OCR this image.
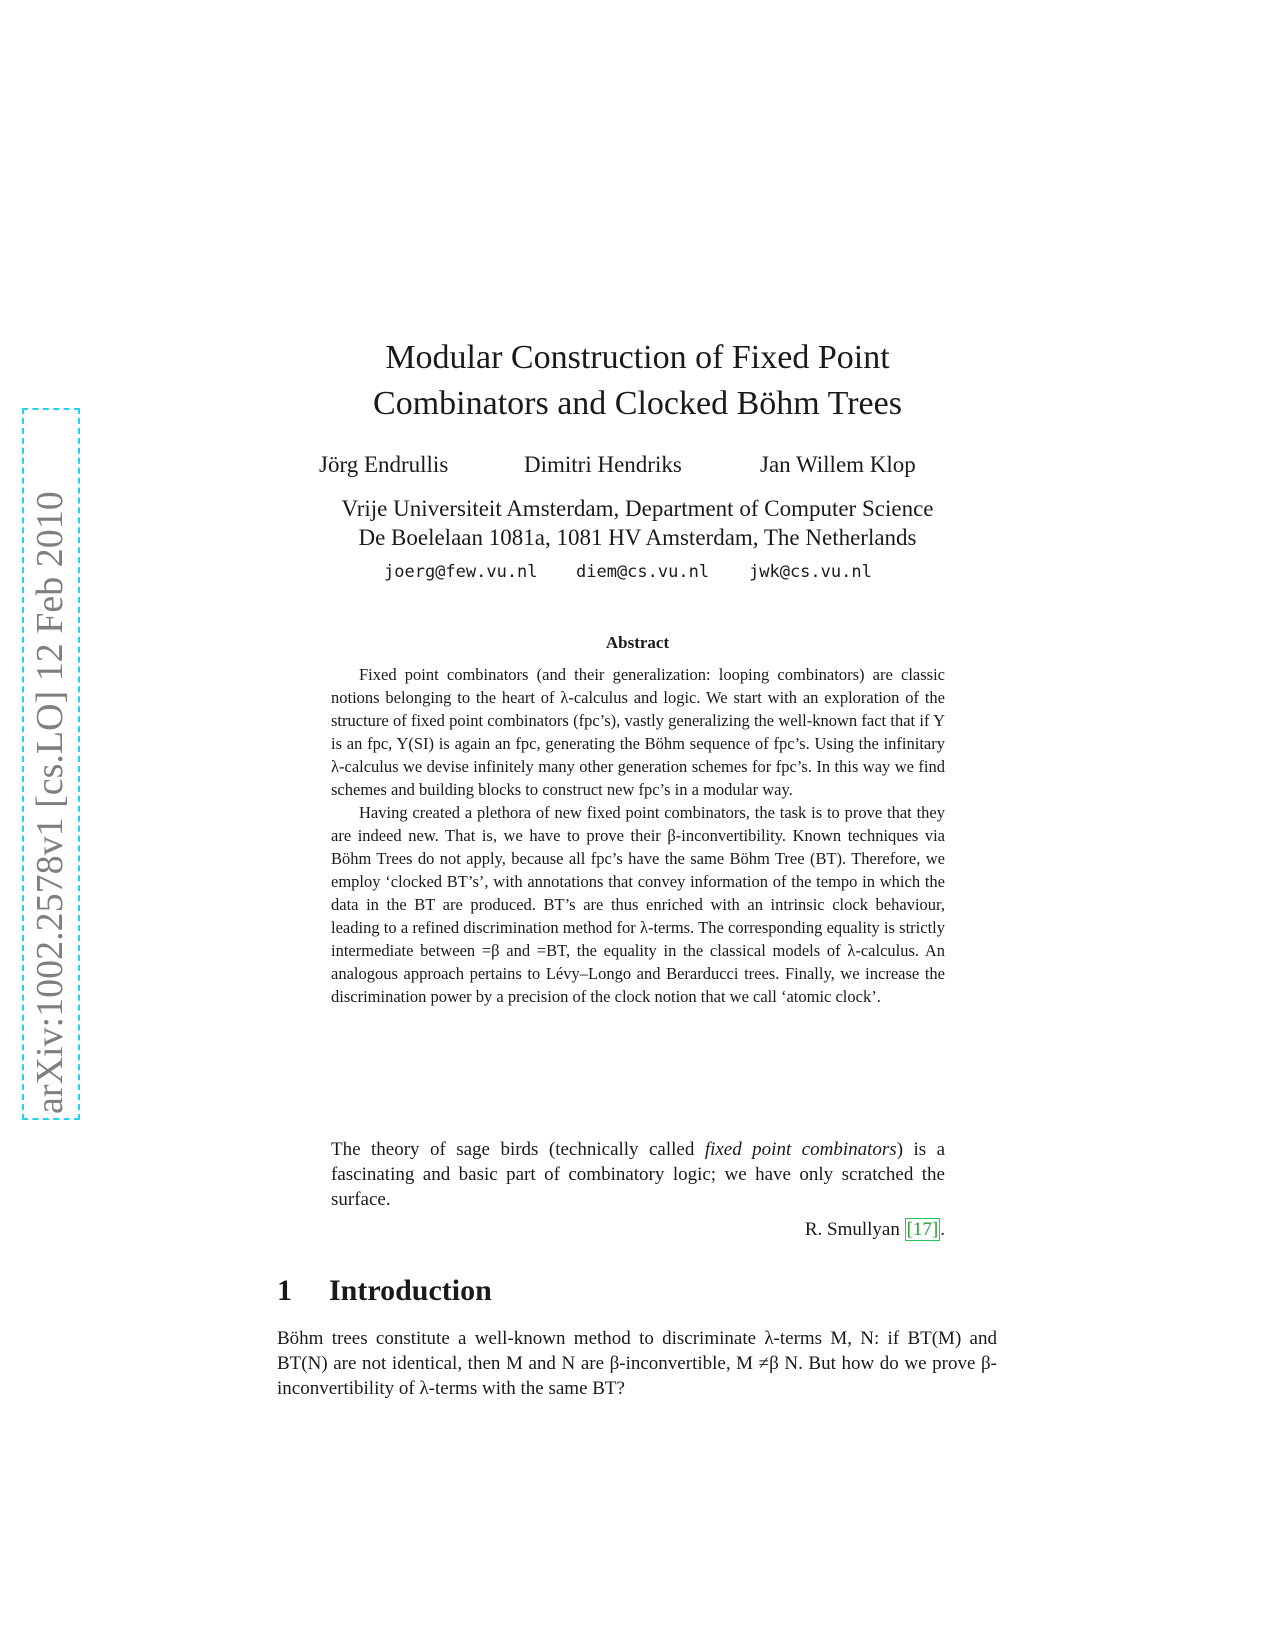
arXiv:1002.2578v1 [cs.LO] 12 Feb 2010
Modular Construction of Fixed Point
Combinators and Clocked Böhm Trees
Jörg Endrullis	Dimitri Hendriks	Jan Willem Klop
Vrije Universiteit Amsterdam, Department of Computer Science
De Boelelaan 1081a, 1081 HV Amsterdam, The Netherlands
joerg@few.vu.nl diem@cs.vu.nl jwk@cs.vu.nl
Abstract

Fixed point combinators (and their generalization: looping combinators) are classic notions belonging to the heart of λ-calculus and logic. We start with an exploration of the structure of fixed point combinators (fpc’s), vastly generalizing the well-known fact that if Y is an fpc, Y(SI) is again an fpc, generating the Böhm sequence of fpc’s. Using the infinitary λ-calculus we devise infinitely many other generation schemes for fpc’s. In this way we find schemes and building blocks to construct new fpc’s in a modular way.

Having created a plethora of new fixed point combinators, the task is to prove that they are indeed new. That is, we have to prove their β-inconvertibility. Known techniques via Böhm Trees do not apply, because all fpc’s have the same Böhm Tree (BT). Therefore, we employ ‘clocked BT’s’, with annotations that convey information of the tempo in which the data in the BT are produced. BT’s are thus enriched with an intrinsic clock behaviour, leading to a refined discrimination method for λ-terms. The corresponding equality is strictly intermediate between =β and =BT, the equality in the classical models of λ-calculus. An analogous approach pertains to Lévy–Longo and Berarducci trees. Finally, we increase the discrimination power by a precision of the clock notion that we call ‘atomic clock’.

The theory of sage birds (technically called fixed point combinators) is a fascinating and basic part of combinatory logic; we have only scratched the surface.
R. Smullyan [17] .
1 Introduction

Böhm trees constitute a well-known method to discriminate λ-terms M, N: if BT(M) and BT(N) are not identical, then M and N are β-inconvertible, M ≠β N. But how do we prove β-inconvertibility of λ-terms with the same BT?
